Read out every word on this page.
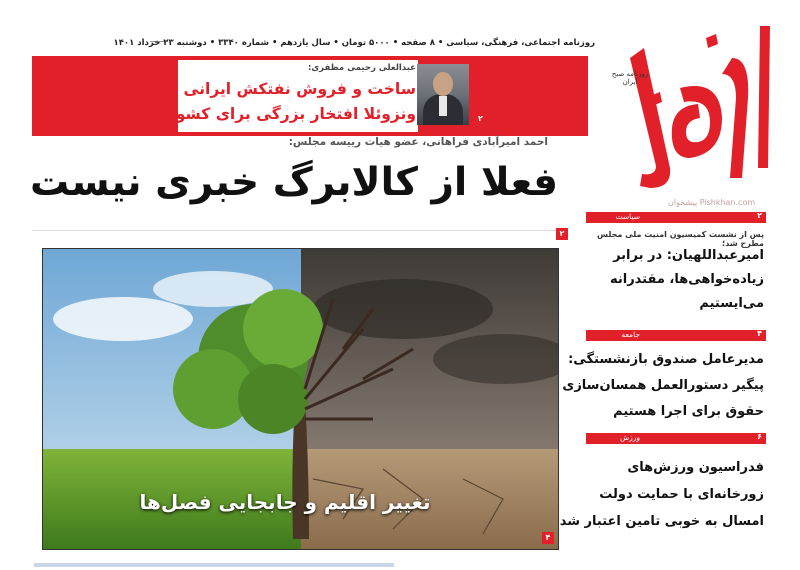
روزنامه اجتماعی، فرهنگی، سیاسی • ۸ صفحه • ۵۰۰۰ تومان • سال یازدهم • شماره ۳۳۴۰ • دوشنبه ۲۳ خرداد ۱۴۰۱
روزنامه صبح ایران
پیشخوان Pishkhan.com
عبدالعلی رحیمی مظفری:
ساخت و فروش نفتکش ایرانی به
ونزوئلا افتخار بزرگی برای کشور است	۲
احمد امیرآبادی فراهانی، عضو هیات رییسه مجلس:
فعلا از کالابرگ خبری نیست
۲
تغییر اقلیم و جابجایی فصل‌ها
۴
۲
سیاست
پس از نشست کمیسیون امنیت ملی مجلس مطرح شد؛
امیرعبداللهیان: در برابر
زیاده‌خواهی‌ها، مقتدرانه
می‌ایستیم
۴
جامعه
مدیرعامل صندوق بازنشستگی:
پیگیر دستورالعمل همسان‌سازی
حقوق برای اجرا هستیم
۶
ورزش
فدراسیون ورزش‌های
زورخانه‌ای با حمایت دولت
امسال به خوبی تامین اعتبار شد
